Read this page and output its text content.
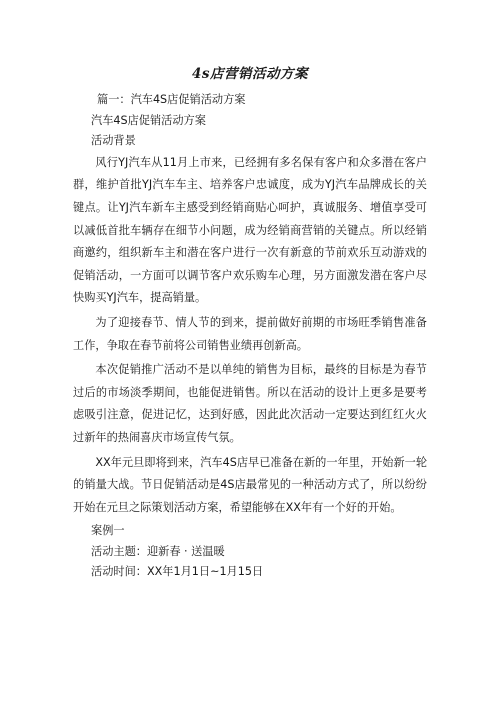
4s店营销活动方案

篇一：汽车4S店促销活动方案

汽车4S店促销活动方案

活动背景

风行YJ汽车从11月上市来，已经拥有多名保有客户和众多潜在客户群，维护首批YJ汽车车主、培养客户忠诚度，成为YJ汽车品牌成长的关键点。让YJ汽车新车主感受到经销商贴心呵护，真诚服务、增值享受可以减低首批车辆存在细节小问题，成为经销商营销的关键点。所以经销商邀约，组织新车主和潜在客户进行一次有新意的节前欢乐互动游戏的促销活动，一方面可以调节客户欢乐购车心理，另方面激发潜在客户尽快购买YJ汽车，提高销量。

为了迎接春节、情人节的到来，提前做好前期的市场旺季销售准备工作，争取在春节前将公司销售业绩再创新高。

本次促销推广活动不是以单纯的销售为目标，最终的目标是为春节过后的市场淡季期间，也能促进销售。所以在活动的设计上更多是要考虑吸引注意，促进记忆，达到好感，因此此次活动一定要达到红红火火过新年的热闹喜庆市场宣传气氛。

XX年元旦即将到来，汽车4S店早已准备在新的一年里，开始新一轮的销量大战。节日促销活动是4S店最常见的一种活动方式了，所以纷纷开始在元旦之际策划活动方案，希望能够在XX年有一个好的开始。

案例一

活动主题：迎新春 · 送温暖

活动时间：XX年1月1日~1月15日
